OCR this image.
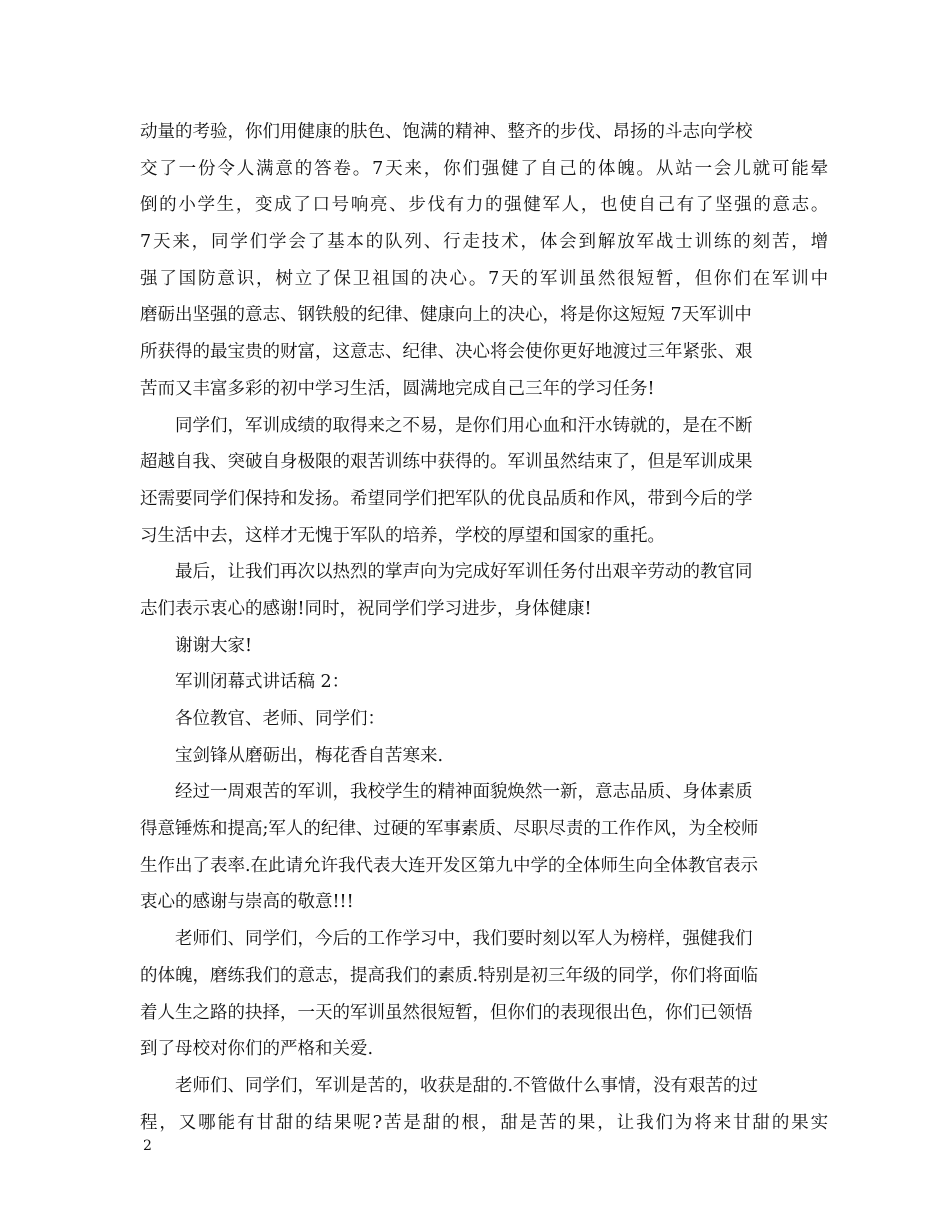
动量的考验，你们用健康的肤色、饱满的精神、整齐的步伐、昂扬的斗志向学校
交了一份令人满意的答卷。7天来，你们强健了自己的体魄。从站一会儿就可能晕
倒的小学生，变成了口号响亮、步伐有力的强健军人，也使自己有了坚强的意志。
7天来，同学们学会了基本的队列、行走技术，体会到解放军战士训练的刻苦，增
强了国防意识，树立了保卫祖国的决心。7天的军训虽然很短暂，但你们在军训中
磨砺出坚强的意志、钢铁般的纪律、健康向上的决心，将是你这短短 7天军训中
所获得的最宝贵的财富，这意志、纪律、决心将会使你更好地渡过三年紧张、艰
苦而又丰富多彩的初中学习生活，圆满地完成自己三年的学习任务!
同学们，军训成绩的取得来之不易，是你们用心血和汗水铸就的，是在不断
超越自我、突破自身极限的艰苦训练中获得的。军训虽然结束了，但是军训成果
还需要同学们保持和发扬。希望同学们把军队的优良品质和作风，带到今后的学
习生活中去，这样才无愧于军队的培养，学校的厚望和国家的重托。
最后，让我们再次以热烈的掌声向为完成好军训任务付出艰辛劳动的教官同
志们表示衷心的感谢!同时，祝同学们学习进步，身体健康!
谢谢大家!
军训闭幕式讲话稿 2：
各位教官、老师、同学们：
宝剑锋从磨砺出，梅花香自苦寒来.
经过一周艰苦的军训，我校学生的精神面貌焕然一新，意志品质、身体素质
得意锤炼和提高;军人的纪律、过硬的军事素质、尽职尽责的工作作风，为全校师
生作出了表率.在此请允许我代表大连开发区第九中学的全体师生向全体教官表示
衷心的感谢与崇高的敬意!!!
老师们、同学们，今后的工作学习中，我们要时刻以军人为榜样，强健我们
的体魄，磨练我们的意志，提高我们的素质.特别是初三年级的同学，你们将面临
着人生之路的抉择，一天的军训虽然很短暂，但你们的表现很出色，你们已领悟
到了母校对你们的严格和关爱.
老师们、同学们，军训是苦的，收获是甜的.不管做什么事情，没有艰苦的过
程，又哪能有甘甜的结果呢?苦是甜的根，甜是苦的果，让我们为将来甘甜的果实
2
